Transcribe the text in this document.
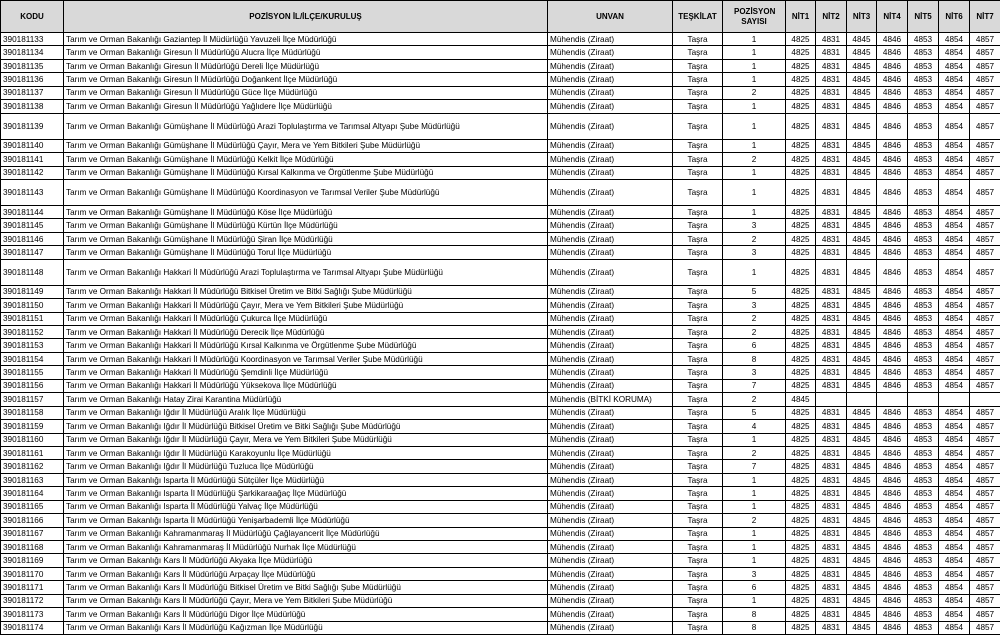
KODU	POZİSYON İL/İLÇE/KURULUŞ	UNVAN	TEŞKİLAT	POZİSYON SAYISI	NİT1	NİT2	NİT3	NİT4	NİT5	NİT6	NİT7
390181133	Tarım ve Orman Bakanlığı Gaziantep İl Müdürlüğü Yavuzeli İlçe Müdürlüğü	Mühendis (Ziraat)	Taşra	1	4825	4831	4845	4846	4853	4854	4857
390181134	Tarım ve Orman Bakanlığı Giresun İl Müdürlüğü Alucra İlçe Müdürlüğü	Mühendis (Ziraat)	Taşra	1	4825	4831	4845	4846	4853	4854	4857
390181135	Tarım ve Orman Bakanlığı Giresun İl Müdürlüğü Dereli İlçe Müdürlüğü	Mühendis (Ziraat)	Taşra	1	4825	4831	4845	4846	4853	4854	4857
390181136	Tarım ve Orman Bakanlığı Giresun İl Müdürlüğü Doğankent İlçe Müdürlüğü	Mühendis (Ziraat)	Taşra	1	4825	4831	4845	4846	4853	4854	4857
390181137	Tarım ve Orman Bakanlığı Giresun İl Müdürlüğü Güce İlçe Müdürlüğü	Mühendis (Ziraat)	Taşra	2	4825	4831	4845	4846	4853	4854	4857
390181138	Tarım ve Orman Bakanlığı Giresun İl Müdürlüğü Yağlıdere İlçe Müdürlüğü	Mühendis (Ziraat)	Taşra	1	4825	4831	4845	4846	4853	4854	4857
390181139	Tarım ve Orman Bakanlığı Gümüşhane İl Müdürlüğü Arazi Toplulaştırma ve Tarımsal Altyapı Şube Müdürlüğü	Mühendis (Ziraat)	Taşra	1	4825	4831	4845	4846	4853	4854	4857
390181140	Tarım ve Orman Bakanlığı Gümüşhane İl Müdürlüğü Çayır, Mera ve Yem Bitkileri Şube Müdürlüğü	Mühendis (Ziraat)	Taşra	1	4825	4831	4845	4846	4853	4854	4857
390181141	Tarım ve Orman Bakanlığı Gümüşhane İl Müdürlüğü Kelkit İlçe Müdürlüğü	Mühendis (Ziraat)	Taşra	2	4825	4831	4845	4846	4853	4854	4857
390181142	Tarım ve Orman Bakanlığı Gümüşhane İl Müdürlüğü Kırsal Kalkınma ve Örgütlenme Şube Müdürlüğü	Mühendis (Ziraat)	Taşra	1	4825	4831	4845	4846	4853	4854	4857
390181143	Tarım ve Orman Bakanlığı Gümüşhane İl Müdürlüğü Koordinasyon ve Tarımsal Veriler Şube Müdürlüğü	Mühendis (Ziraat)	Taşra	1	4825	4831	4845	4846	4853	4854	4857
390181144	Tarım ve Orman Bakanlığı Gümüşhane İl Müdürlüğü Köse İlçe Müdürlüğü	Mühendis (Ziraat)	Taşra	1	4825	4831	4845	4846	4853	4854	4857
390181145	Tarım ve Orman Bakanlığı Gümüşhane İl Müdürlüğü Kürtün İlçe Müdürlüğü	Mühendis (Ziraat)	Taşra	3	4825	4831	4845	4846	4853	4854	4857
390181146	Tarım ve Orman Bakanlığı Gümüşhane İl Müdürlüğü Şiran İlçe Müdürlüğü	Mühendis (Ziraat)	Taşra	2	4825	4831	4845	4846	4853	4854	4857
390181147	Tarım ve Orman Bakanlığı Gümüşhane İl Müdürlüğü Torul İlçe Müdürlüğü	Mühendis (Ziraat)	Taşra	3	4825	4831	4845	4846	4853	4854	4857
390181148	Tarım ve Orman Bakanlığı Hakkari İl Müdürlüğü Arazi Toplulaştırma ve Tarımsal Altyapı Şube Müdürlüğü	Mühendis (Ziraat)	Taşra	1	4825	4831	4845	4846	4853	4854	4857
390181149	Tarım ve Orman Bakanlığı Hakkari İl Müdürlüğü Bitkisel Üretim ve Bitki Sağlığı Şube Müdürlüğü	Mühendis (Ziraat)	Taşra	5	4825	4831	4845	4846	4853	4854	4857
390181150	Tarım ve Orman Bakanlığı Hakkari İl Müdürlüğü Çayır, Mera ve Yem Bitkileri Şube Müdürlüğü	Mühendis (Ziraat)	Taşra	3	4825	4831	4845	4846	4853	4854	4857
390181151	Tarım ve Orman Bakanlığı Hakkari İl Müdürlüğü Çukurca İlçe Müdürlüğü	Mühendis (Ziraat)	Taşra	2	4825	4831	4845	4846	4853	4854	4857
390181152	Tarım ve Orman Bakanlığı Hakkari İl Müdürlüğü Derecik İlçe Müdürlüğü	Mühendis (Ziraat)	Taşra	2	4825	4831	4845	4846	4853	4854	4857
390181153	Tarım ve Orman Bakanlığı Hakkari İl Müdürlüğü Kırsal Kalkınma ve Örgütlenme Şube Müdürlüğü	Mühendis (Ziraat)	Taşra	6	4825	4831	4845	4846	4853	4854	4857
390181154	Tarım ve Orman Bakanlığı Hakkari İl Müdürlüğü Koordinasyon ve Tarımsal Veriler Şube Müdürlüğü	Mühendis (Ziraat)	Taşra	8	4825	4831	4845	4846	4853	4854	4857
390181155	Tarım ve Orman Bakanlığı Hakkari İl Müdürlüğü Şemdinli İlçe Müdürlüğü	Mühendis (Ziraat)	Taşra	3	4825	4831	4845	4846	4853	4854	4857
390181156	Tarım ve Orman Bakanlığı Hakkari İl Müdürlüğü Yüksekova İlçe Müdürlüğü	Mühendis (Ziraat)	Taşra	7	4825	4831	4845	4846	4853	4854	4857
390181157	Tarım ve Orman Bakanlığı Hatay Zirai Karantina Müdürlüğü	Mühendis (BİTKİ KORUMA)	Taşra	2	4845						
390181158	Tarım ve Orman Bakanlığı Iğdır İl Müdürlüğü Aralık İlçe Müdürlüğü	Mühendis (Ziraat)	Taşra	5	4825	4831	4845	4846	4853	4854	4857
390181159	Tarım ve Orman Bakanlığı Iğdır İl Müdürlüğü Bitkisel Üretim ve Bitki Sağlığı Şube Müdürlüğü	Mühendis (Ziraat)	Taşra	4	4825	4831	4845	4846	4853	4854	4857
390181160	Tarım ve Orman Bakanlığı Iğdır İl Müdürlüğü Çayır, Mera ve Yem Bitkileri Şube Müdürlüğü	Mühendis (Ziraat)	Taşra	1	4825	4831	4845	4846	4853	4854	4857
390181161	Tarım ve Orman Bakanlığı Iğdır İl Müdürlüğü Karakoyunlu İlçe Müdürlüğü	Mühendis (Ziraat)	Taşra	2	4825	4831	4845	4846	4853	4854	4857
390181162	Tarım ve Orman Bakanlığı Iğdır İl Müdürlüğü Tuzluca İlçe Müdürlüğü	Mühendis (Ziraat)	Taşra	7	4825	4831	4845	4846	4853	4854	4857
390181163	Tarım ve Orman Bakanlığı Isparta İl Müdürlüğü Sütçüler İlçe Müdürlüğü	Mühendis (Ziraat)	Taşra	1	4825	4831	4845	4846	4853	4854	4857
390181164	Tarım ve Orman Bakanlığı Isparta İl Müdürlüğü Şarkikaraağaç İlçe Müdürlüğü	Mühendis (Ziraat)	Taşra	1	4825	4831	4845	4846	4853	4854	4857
390181165	Tarım ve Orman Bakanlığı Isparta İl Müdürlüğü Yalvaç İlçe Müdürlüğü	Mühendis (Ziraat)	Taşra	1	4825	4831	4845	4846	4853	4854	4857
390181166	Tarım ve Orman Bakanlığı Isparta İl Müdürlüğü Yenişarbademli İlçe Müdürlüğü	Mühendis (Ziraat)	Taşra	2	4825	4831	4845	4846	4853	4854	4857
390181167	Tarım ve Orman Bakanlığı Kahramanmaraş İl Müdürlüğü Çağlayancerit İlçe Müdürlüğü	Mühendis (Ziraat)	Taşra	1	4825	4831	4845	4846	4853	4854	4857
390181168	Tarım ve Orman Bakanlığı Kahramanmaraş İl Müdürlüğü Nurhak İlçe Müdürlüğü	Mühendis (Ziraat)	Taşra	1	4825	4831	4845	4846	4853	4854	4857
390181169	Tarım ve Orman Bakanlığı Kars İl Müdürlüğü Akyaka İlçe Müdürlüğü	Mühendis (Ziraat)	Taşra	1	4825	4831	4845	4846	4853	4854	4857
390181170	Tarım ve Orman Bakanlığı Kars İl Müdürlüğü Arpaçay İlçe Müdürlüğü	Mühendis (Ziraat)	Taşra	3	4825	4831	4845	4846	4853	4854	4857
390181171	Tarım ve Orman Bakanlığı Kars İl Müdürlüğü Bitkisel Üretim ve Bitki Sağlığı Şube Müdürlüğü	Mühendis (Ziraat)	Taşra	6	4825	4831	4845	4846	4853	4854	4857
390181172	Tarım ve Orman Bakanlığı Kars İl Müdürlüğü Çayır, Mera ve Yem Bitkileri Şube Müdürlüğü	Mühendis (Ziraat)	Taşra	1	4825	4831	4845	4846	4853	4854	4857
390181173	Tarım ve Orman Bakanlığı Kars İl Müdürlüğü Digor İlçe Müdürlüğü	Mühendis (Ziraat)	Taşra	8	4825	4831	4845	4846	4853	4854	4857
390181174	Tarım ve Orman Bakanlığı Kars İl Müdürlüğü Kağızman İlçe Müdürlüğü	Mühendis (Ziraat)	Taşra	8	4825	4831	4845	4846	4853	4854	4857
